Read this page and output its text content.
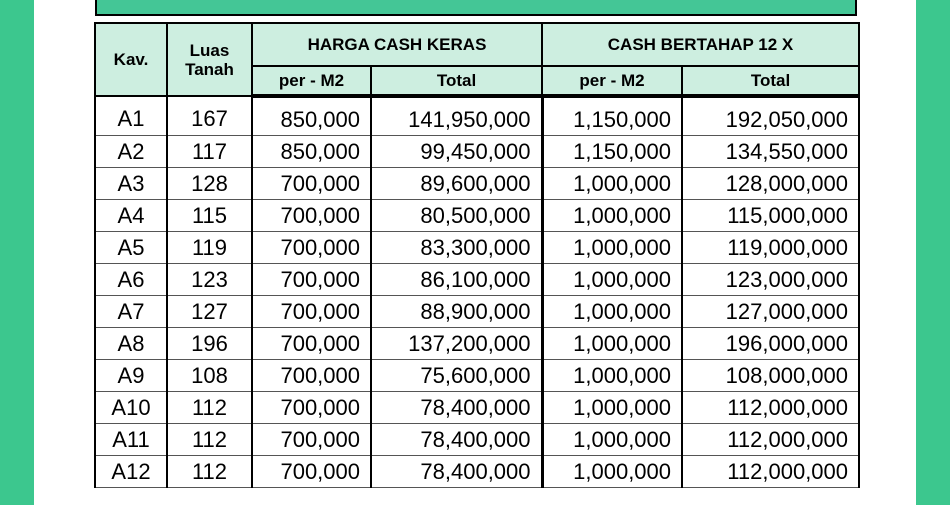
Kav.	Luas Tanah	HARGA CASH KERAS		CASH BERTAHAP 12 X	
		per - M2	Total	per - M2	Total
A1	167	850,000	141,950,000	1,150,000	192,050,000
A2	117	850,000	99,450,000	1,150,000	134,550,000
A3	128	700,000	89,600,000	1,000,000	128,000,000
A4	115	700,000	80,500,000	1,000,000	115,000,000
A5	119	700,000	83,300,000	1,000,000	119,000,000
A6	123	700,000	86,100,000	1,000,000	123,000,000
A7	127	700,000	88,900,000	1,000,000	127,000,000
A8	196	700,000	137,200,000	1,000,000	196,000,000
A9	108	700,000	75,600,000	1,000,000	108,000,000
A10	112	700,000	78,400,000	1,000,000	112,000,000
A11	112	700,000	78,400,000	1,000,000	112,000,000
A12	112	700,000	78,400,000	1,000,000	112,000,000
